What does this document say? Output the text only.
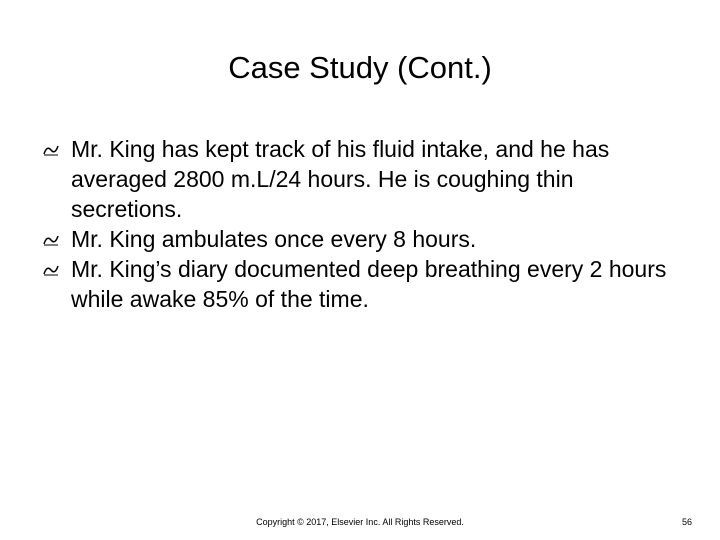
Case Study (Cont.)
Mr. King has kept track of his fluid intake, and he has averaged 2800 m.L/24 hours. He is coughing thin secretions.
Mr. King ambulates once every 8 hours.
Mr. King’s diary documented deep breathing every 2 hours while awake 85% of the time.

Copyright © 2017, Elsevier Inc. All Rights Reserved.	56
